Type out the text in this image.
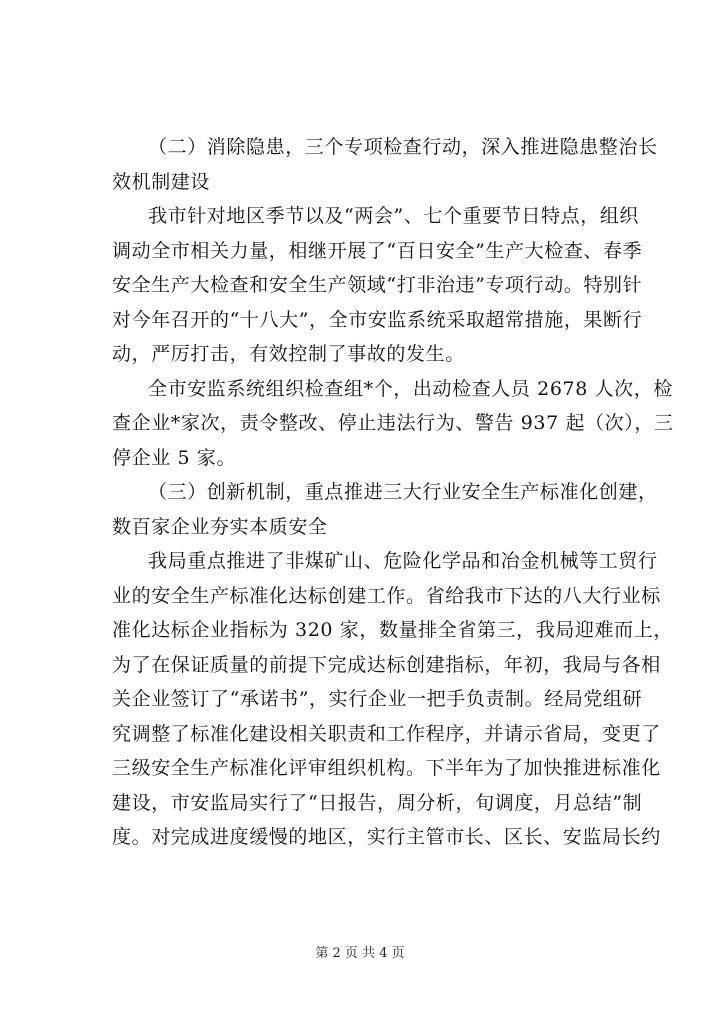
（二）消除隐患，三个专项检查行动，深入推进隐患整治长
效机制建设

我市针对地区季节以及“两会”、七个重要节日特点，组织
调动全市相关力量，相继开展了“百日安全”生产大检查、春季
安全生产大检查和安全生产领域“打非治违”专项行动。特别针
对今年召开的“十八大”，全市安监系统采取超常措施，果断行
动，严厉打击，有效控制了事故的发生。

全市安监系统组织检查组*个，出动检查人员 2678 人次，检
查企业*家次，责令整改、停止违法行为、警告 937 起（次），三
停企业 5 家。

（三）创新机制，重点推进三大行业安全生产标准化创建，
数百家企业夯实本质安全

我局重点推进了非煤矿山、危险化学品和冶金机械等工贸行
业的安全生产标准化达标创建工作。省给我市下达的八大行业标
准化达标企业指标为 320 家，数量排全省第三，我局迎难而上，
为了在保证质量的前提下完成达标创建指标，年初，我局与各相
关企业签订了“承诺书”，实行企业一把手负责制。经局党组研
究调整了标准化建设相关职责和工作程序，并请示省局，变更了
三级安全生产标准化评审组织机构。下半年为了加快推进标准化
建设，市安监局实行了“日报告，周分析，旬调度，月总结”制
度。对完成进度缓慢的地区，实行主管市长、区长、安监局长约

第 2 页 共 4 页
